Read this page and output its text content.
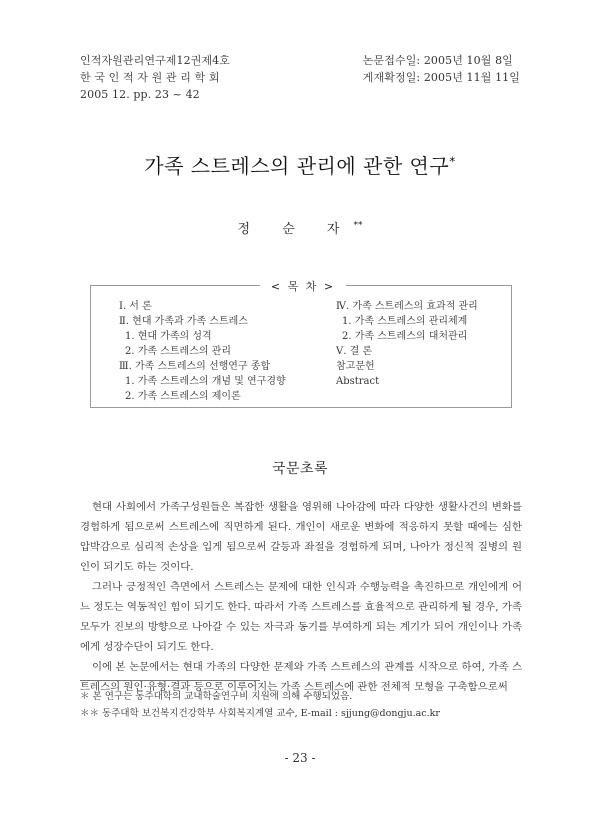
인적자원관리연구제12권제4호
한 국 인 적 자 원 관 리 학 회
2005 12. pp. 23 ~ 42
논문접수일: 2005년 10월 8일
게재확정일: 2005년 11월 11일
가족 스트레스의 관리에 관한 연구*
정 순 자**
< 목 차 >
Ⅰ. 서 론
Ⅱ. 현대 가족과 가족 스트레스
1. 현대 가족의 성격
2. 가족 스트레스의 관리
Ⅲ. 가족 스트레스의 선행연구 종합
1. 가족 스트레스의 개념 및 연구경향
2. 가족 스트레스의 제이론
Ⅳ. 가족 스트레스의 효과적 관리
1. 가족 스트레스의 관리체계
2. 가족 스트레스의 대처관리
Ⅴ. 결 론
참고문헌
Abstract
국문초록

현대 사회에서 가족구성원들은 복잡한 생활을 영위해 나아감에 따라 다양한 생활사건의 변화를 경험하게 됨으로써 스트레스에 직면하게 된다. 개인이 새로운 변화에 적응하지 못할 때에는 심한 압박감으로 심리적 손상을 입게 됨으로써 갈등과 좌절을 경험하게 되며, 나아가 정신적 질병의 원인이 되기도 하는 것이다.

그러나 긍정적인 측면에서 스트레스는 문제에 대한 인식과 수행능력을 촉진하므로 개인에게 어느 정도는 역동적인 힘이 되기도 한다. 따라서 가족 스트레스를 효율적으로 관리하게 될 경우, 가족 모두가 진보의 방향으로 나아갈 수 있는 자극과 동기를 부여하게 되는 계기가 되어 개인이나 가족에게 성장수단이 되기도 한다.

이에 본 논문에서는 현대 가족의 다양한 문제와 가족 스트레스의 관계를 시작으로 하여, 가족 스트레스의 원인·유형·결과 등으로 이루어지는 가족 스트레스에 관한 전체적 모형을 구축함으로써

＊ 본 연구는 동주대학의 교내학술연구비 지원에 의해 수행되었음.
＊＊ 동주대학 보건복지건강학부 사회복지계열 교수, E-mail : sjjung@dongju.ac.kr
- 23 -
